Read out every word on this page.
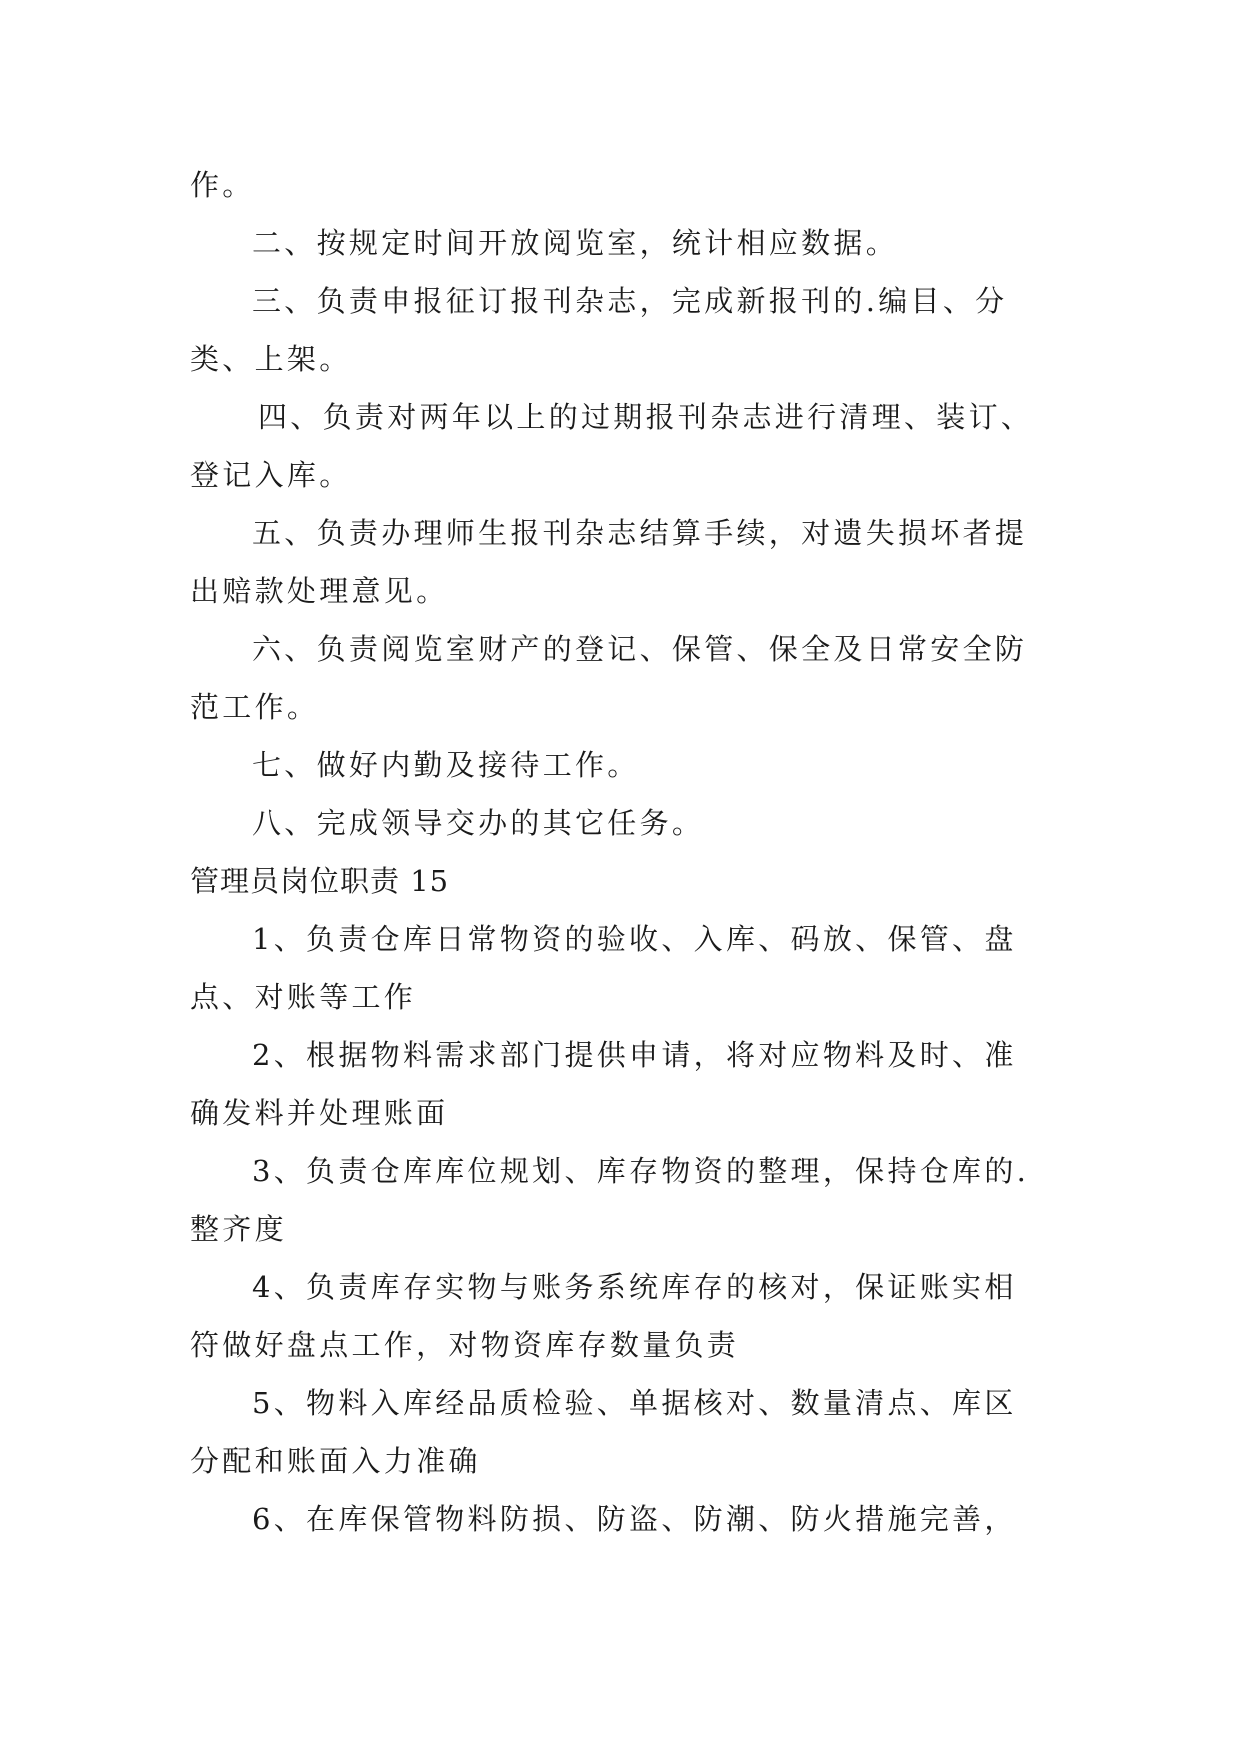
作。
二、按规定时间开放阅览室，统计相应数据。
三、负责申报征订报刊杂志，完成新报刊的.编目、分
类、上架。
四、负责对两年以上的过期报刊杂志进行清理、装订、
登记入库。
五、负责办理师生报刊杂志结算手续，对遗失损坏者提
出赔款处理意见。
六、负责阅览室财产的登记、保管、保全及日常安全防
范工作。
七、做好内勤及接待工作。
八、完成领导交办的其它任务。
管理员岗位职责 15
1、负责仓库日常物资的验收、入库、码放、保管、盘
点、对账等工作
2、根据物料需求部门提供申请，将对应物料及时、准
确发料并处理账面
3、负责仓库库位规划、库存物资的整理，保持仓库的.
整齐度
4、负责库存实物与账务系统库存的核对，保证账实相
符做好盘点工作，对物资库存数量负责
5、物料入库经品质检验、单据核对、数量清点、库区
分配和账面入力准确
6、在库保管物料防损、防盗、防潮、防火措施完善，
